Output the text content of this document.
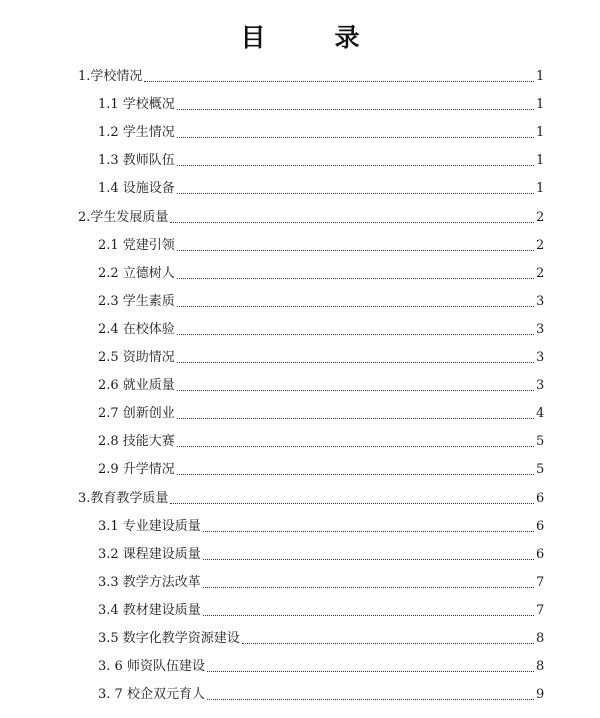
目　录
1.学校情况	1
1.1 学校概况	1
1.2 学生情况	1
1.3 教师队伍	1
1.4 设施设备	1
2.学生发展质量	2
2.1 党建引领	2
2.2 立德树人	2
2.3 学生素质	3
2.4 在校体验	3
2.5 资助情况	3
2.6 就业质量	3
2.7 创新创业	4
2.8 技能大赛	5
2.9 升学情况	5
3.教育教学质量	6
3.1 专业建设质量	6
3.2 课程建设质量	6
3.3 教学方法改革	7
3.4 教材建设质量	7
3.5 数字化教学资源建设	8
3. 6 师资队伍建设	8
3. 7 校企双元育人	9
